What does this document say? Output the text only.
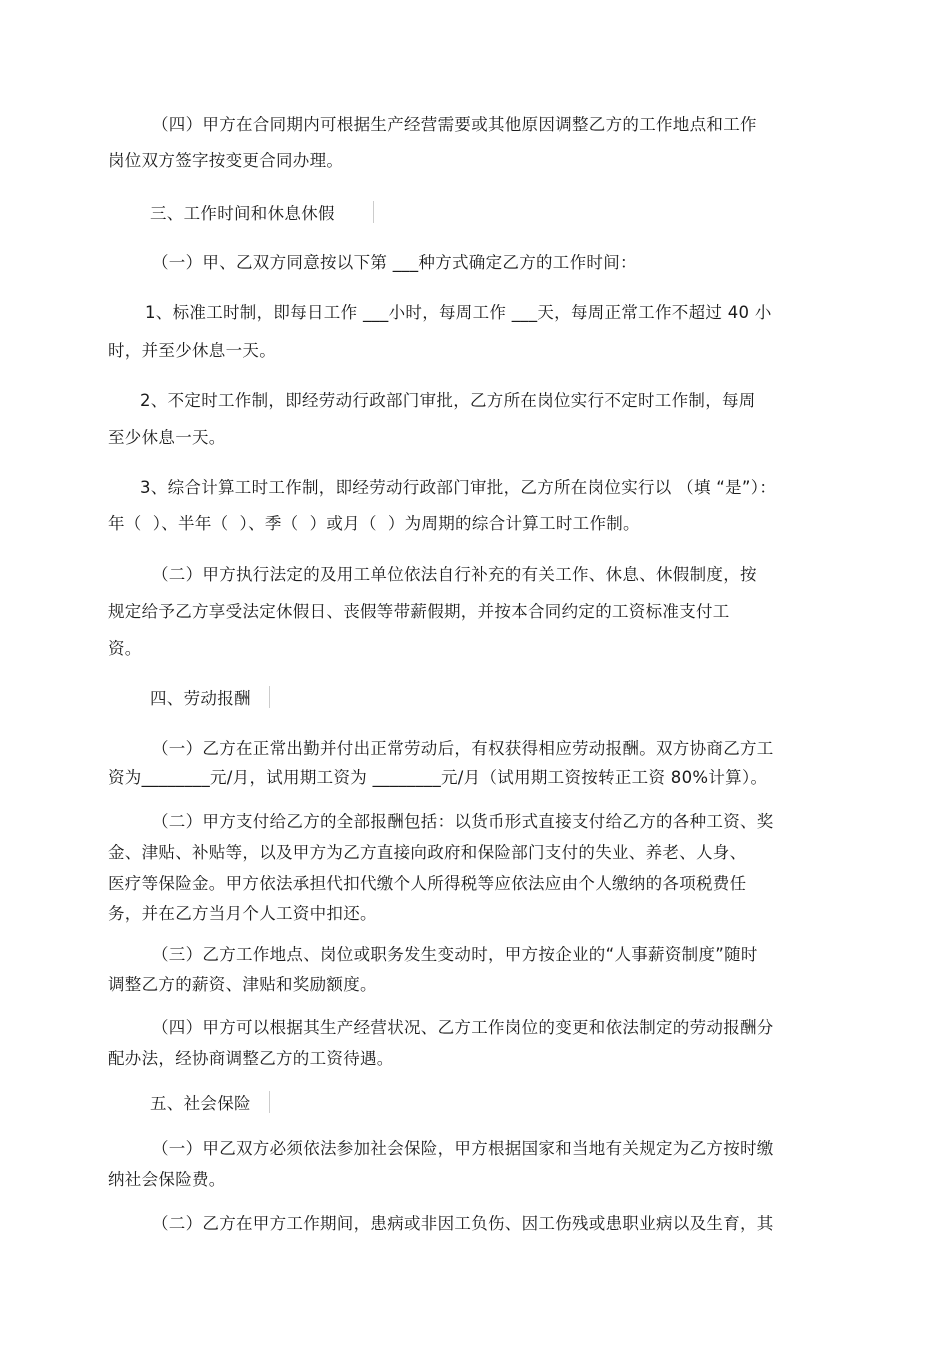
（四）甲方在合同期内可根据生产经营需要或其他原因调整乙方的工作地点和工作
岗位双方签字按变更合同办理。
三、工作时间和休息休假
（一）甲、乙双方同意按以下第 ___种方式确定乙方的工作时间：
1、标准工时制，即每日工作 ___小时，每周工作 ___天，每周正常工作不超过 40 小
时，并至少休息一天。
2、不定时工作制，即经劳动行政部门审批，乙方所在岗位实行不定时工作制，每周
至少休息一天。
3、综合计算工时工作制，即经劳动行政部门审批，乙方所在岗位实行以 （填 “是”）：
年（  ）、半年（  ）、季（  ）或月（  ）为周期的综合计算工时工作制。
（二）甲方执行法定的及用工单位依法自行补充的有关工作、休息、休假制度，按
规定给予乙方享受法定休假日、丧假等带薪假期，并按本合同约定的工资标准支付工
资。
四、劳动报酬
（一）乙方在正常出勤并付出正常劳动后，有权获得相应劳动报酬。双方协商乙方工
资为________元/月，试用期工资为 ________元/月（试用期工资按转正工资 80%计算）。
（二）甲方支付给乙方的全部报酬包括：以货币形式直接支付给乙方的各种工资、奖
金、津贴、补贴等，以及甲方为乙方直接向政府和保险部门支付的失业、养老、人身、
医疗等保险金。甲方依法承担代扣代缴个人所得税等应依法应由个人缴纳的各项税费任
务，并在乙方当月个人工资中扣还。
（三）乙方工作地点、岗位或职务发生变动时，甲方按企业的“人事薪资制度”随时
调整乙方的薪资、津贴和奖励额度。
（四）甲方可以根据其生产经营状况、乙方工作岗位的变更和依法制定的劳动报酬分
配办法，经协商调整乙方的工资待遇。
五、社会保险
（一）甲乙双方必须依法参加社会保险，甲方根据国家和当地有关规定为乙方按时缴
纳社会保险费。
（二）乙方在甲方工作期间，患病或非因工负伤、因工伤残或患职业病以及生育，其
